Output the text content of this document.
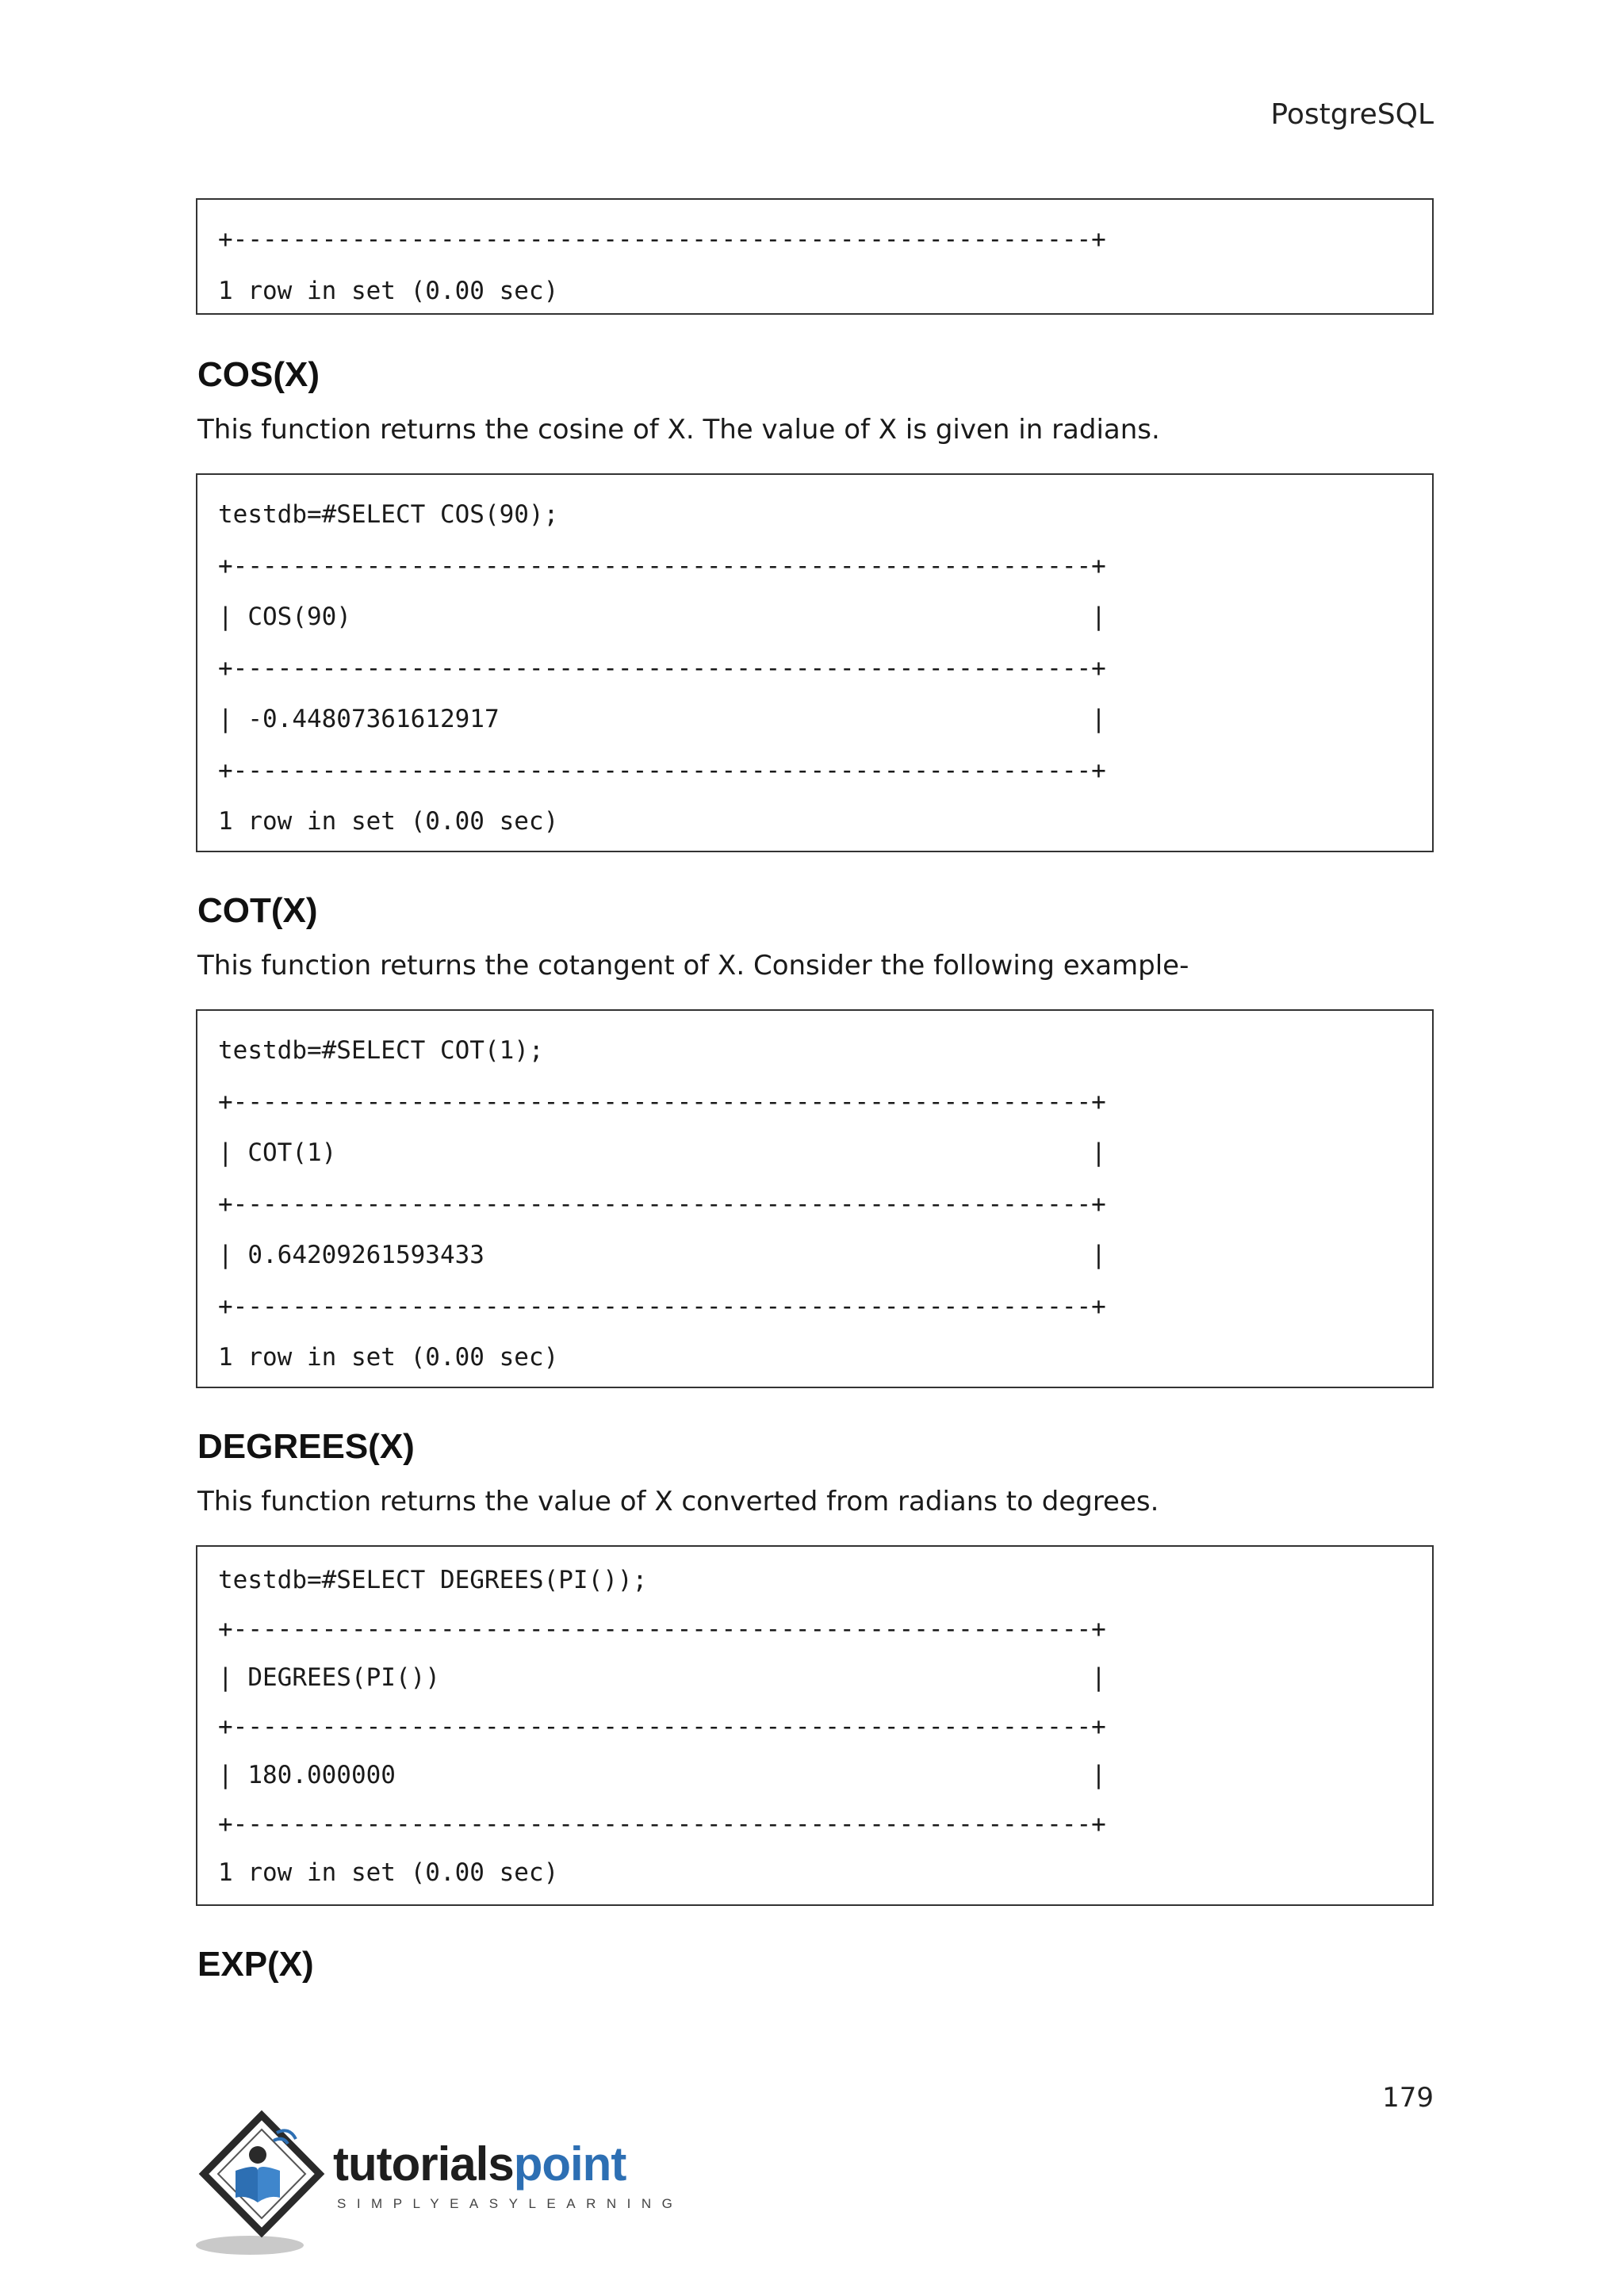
PostgreSQL
+----------------------------------------------------------+
1 row in set (0.00 sec)
COS(X)
This function returns the cosine of X. The value of X is given in radians.
testdb=#SELECT COS(90);
+----------------------------------------------------------+
| COS(90)                                                  |
+----------------------------------------------------------+
| -0.44807361612917                                        |
+----------------------------------------------------------+
1 row in set (0.00 sec)
COT(X)
This function returns the cotangent of X. Consider the following example-
testdb=#SELECT COT(1);
+----------------------------------------------------------+
| COT(1)                                                   |
+----------------------------------------------------------+
| 0.64209261593433                                         |
+----------------------------------------------------------+
1 row in set (0.00 sec)
DEGREES(X)
This function returns the value of X converted from radians to degrees.
testdb=#SELECT DEGREES(PI());
+----------------------------------------------------------+
| DEGREES(PI())                                            |
+----------------------------------------------------------+
| 180.000000                                               |
+----------------------------------------------------------+
1 row in set (0.00 sec)
EXP(X)
179
tutorialspoint
SIMPLYEASYLEARNING
